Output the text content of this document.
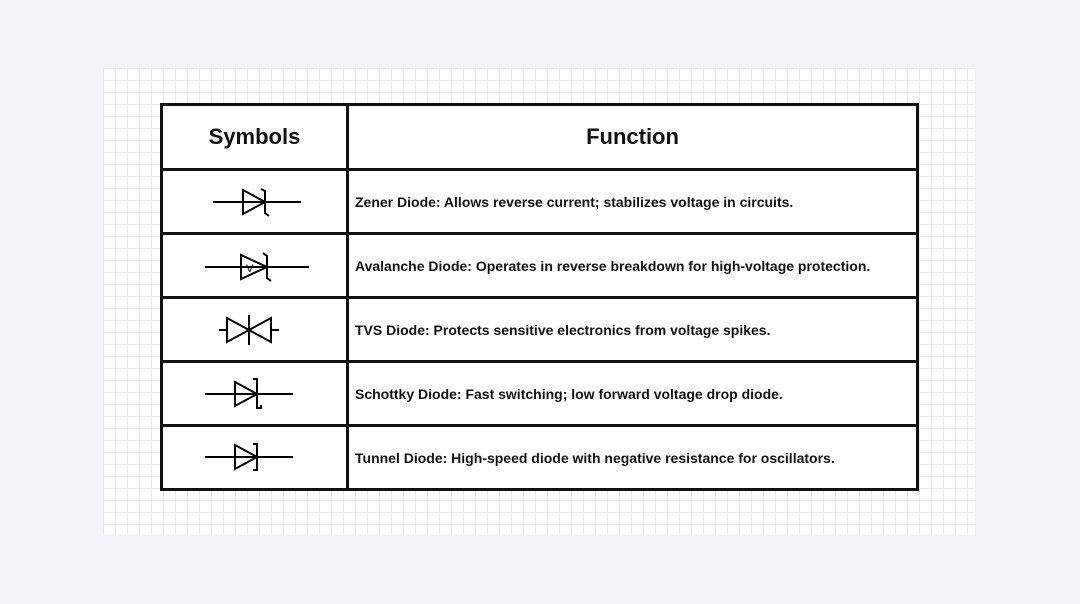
Symbols	Function

	Zener Diode: Allows reverse current; stabilizes voltage in circuits.

V	Avalanche Diode: Operates in reverse breakdown for high-voltage protection.

	TVS Diode: Protects sensitive electronics from voltage spikes.

	Schottky Diode: Fast switching; low forward voltage drop diode.

	Tunnel Diode: High-speed diode with negative resistance for oscillators.
